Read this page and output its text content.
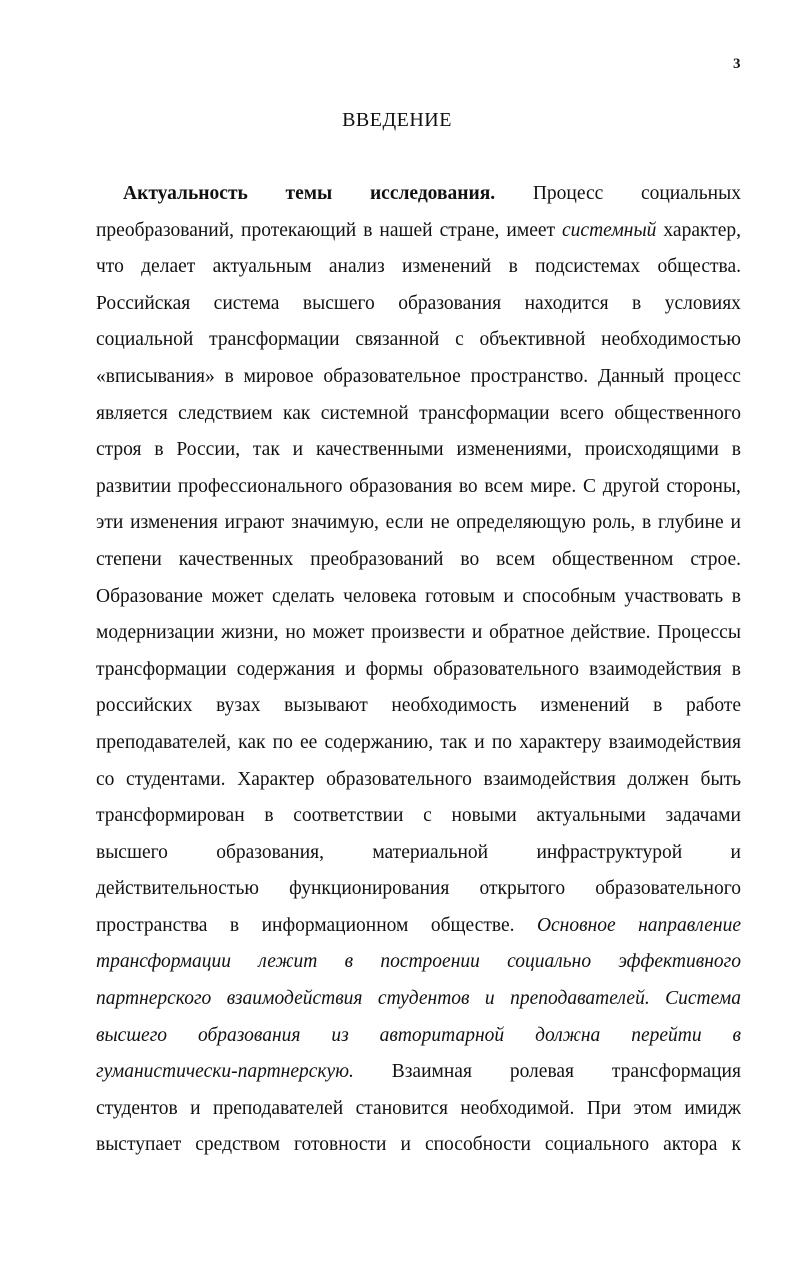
3
ВВЕДЕНИЕ
Актуальность темы исследования. Процесс социальных
преобразований, протекающий в нашей стране, имеет системный характер,
что делает актуальным анализ изменений в подсистемах общества.
Российская система высшего образования находится в условиях
социальной трансформации связанной с объективной необходимостью
«вписывания» в мировое образовательное пространство. Данный процесс
является следствием как системной трансформации всего общественного
строя в России, так и качественными изменениями, происходящими в
развитии профессионального образования во всем мире. С другой стороны,
эти изменения играют значимую, если не определяющую роль, в глубине и
степени качественных преобразований во всем общественном строе.
Образование может сделать человека готовым и способным участвовать в
модернизации жизни, но может произвести и обратное действие. Процессы
трансформации содержания и формы образовательного взаимодействия в
российских вузах вызывают необходимость изменений в работе
преподавателей, как по ее содержанию, так и по характеру взаимодействия
со студентами. Характер образовательного взаимодействия должен быть
трансформирован в соответствии с новыми актуальными задачами
высшего образования, материальной инфраструктурой и
действительностью функционирования открытого образовательного
пространства в информационном обществе. Основное направление
трансформации лежит в построении социально эффективного
партнерского взаимодействия студентов и преподавателей. Система
высшего образования из авторитарной должна перейти в
гуманистически-партнерскую. Взаимная ролевая трансформация
студентов и преподавателей становится необходимой. При этом имидж
выступает средством готовности и способности социального актора к
